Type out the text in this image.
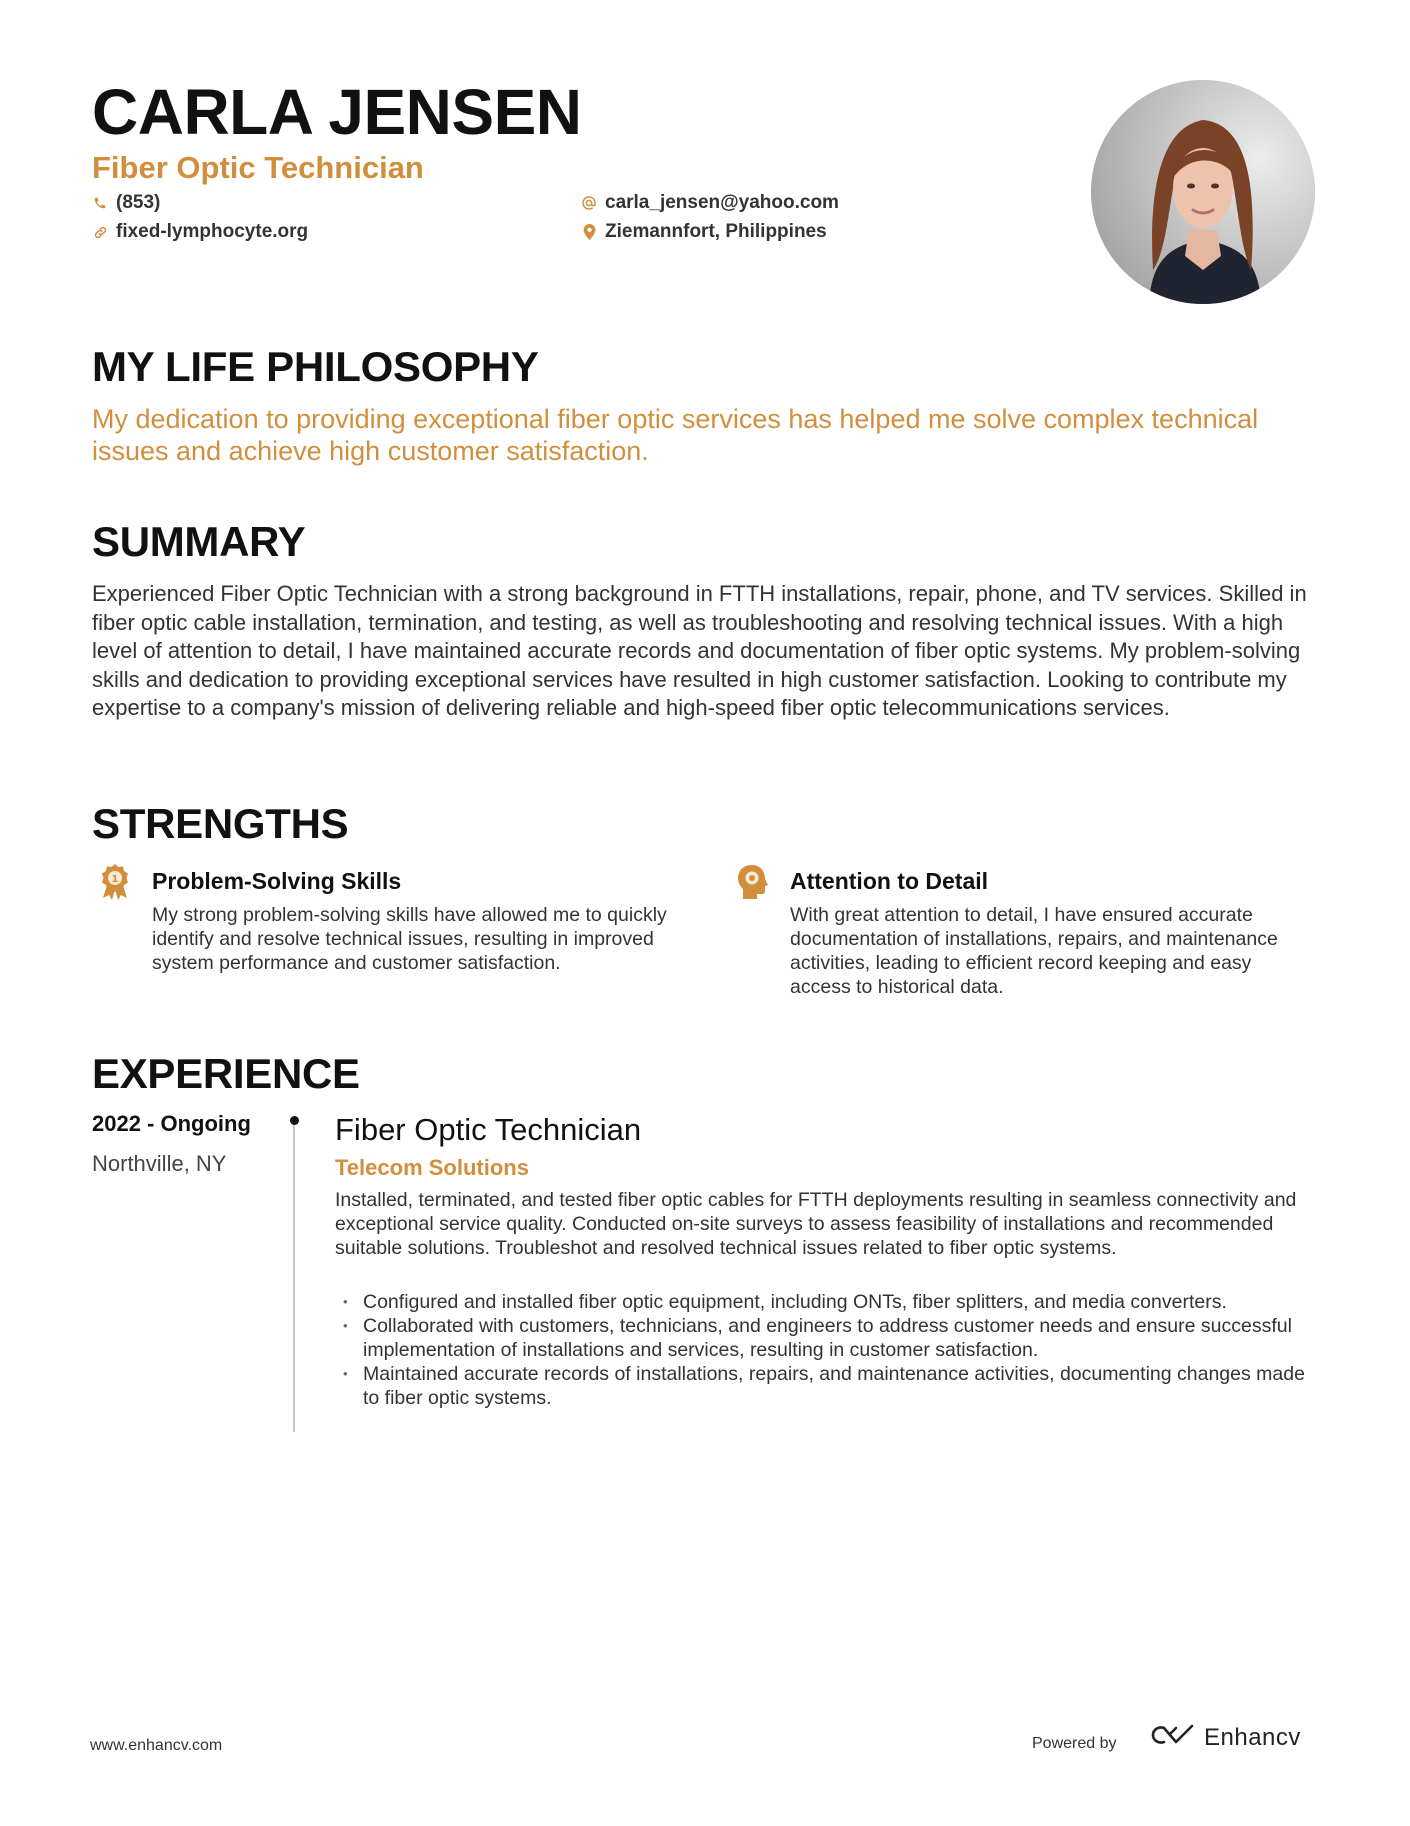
CARLA JENSEN
Fiber Optic Technician
(853)
fixed-lymphocyte.org
carla_jensen@yahoo.com
Ziemannfort, Philippines
MY LIFE PHILOSOPHY
My dedication to providing exceptional fiber optic services has helped me solve complex technical issues and achieve high customer satisfaction.
SUMMARY
Experienced Fiber Optic Technician with a strong background in FTTH installations, repair, phone, and TV services. Skilled in fiber optic cable installation, termination, and testing, as well as troubleshooting and resolving technical issues. With a high level of attention to detail, I have maintained accurate records and documentation of fiber optic systems. My problem-solving skills and dedication to providing exceptional services have resulted in high customer satisfaction. Looking to contribute my expertise to a company's mission of delivering reliable and high-speed fiber optic telecommunications services.
STRENGTHS
1 Problem-Solving Skills
My strong problem-solving skills have allowed me to quickly identify and resolve technical issues, resulting in improved system performance and customer satisfaction.
Attention to Detail
With great attention to detail, I have ensured accurate documentation of installations, repairs, and maintenance activities, leading to efficient record keeping and easy access to historical data.
EXPERIENCE
2022 - Ongoing
Northville, NY
Fiber Optic Technician
Telecom Solutions
Installed, terminated, and tested fiber optic cables for FTTH deployments resulting in seamless connectivity and exceptional service quality. Conducted on-site surveys to assess feasibility of installations and recommended suitable solutions. Troubleshot and resolved technical issues related to fiber optic systems.
• Configured and installed fiber optic equipment, including ONTs, fiber splitters, and media converters.
• Collaborated with customers, technicians, and engineers to address customer needs and ensure successful implementation of installations and services, resulting in customer satisfaction.
• Maintained accurate records of installations, repairs, and maintenance activities, documenting changes made to fiber optic systems.
www.enhancv.com	Powered by	Enhancv
